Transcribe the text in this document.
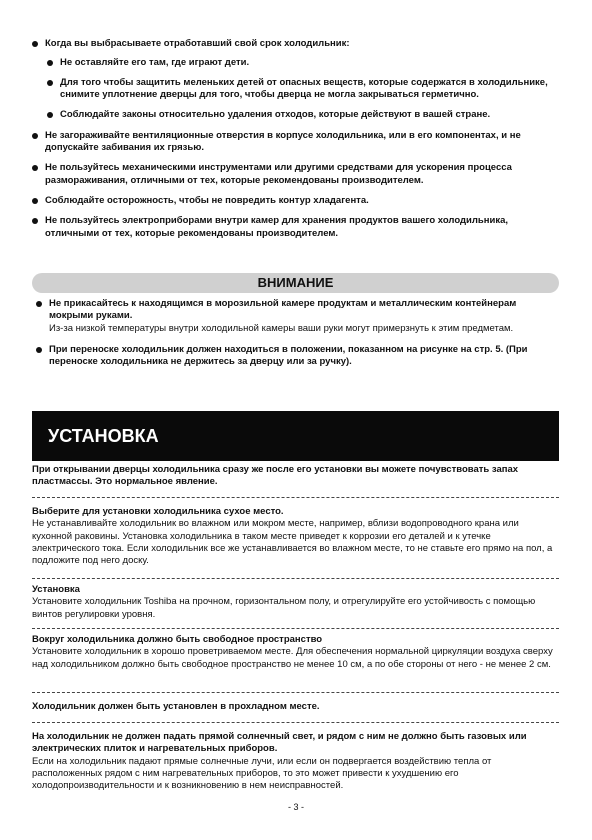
Когда вы выбрасываете отработавший свой срок холодильник:

Не оставляйте его там, где играют дети.

Для того чтобы защитить меленьких детей от опасных веществ, которые содержатся в холодильнике, снимите уплотнение дверцы для того, чтобы дверца не могла закрываться герметично.

Соблюдайте законы относительно удаления отходов, которые действуют в вашей стране.

Не загораживайте вентиляционные отверстия в корпусе холодильника, или в его компонентах, и не допускайте забивания их грязью.

Не пользуйтесь механическими инструментами или другими средствами для ускорения процесса размораживания, отличными от тех, которые рекомендованы производителем.

Соблюдайте осторожность, чтобы не повредить контур хладагента.

Не пользуйтесь электроприборами внутри камер для хранения продуктов вашего холодильника, отличными от тех, которые рекомендованы производителем.

ВНИМАНИЕ

Не прикасайтесь к находящимся в морозильной камере продуктам и металлическим контейнерам мокрыми руками.
Из-за низкой температуры внутри холодильной камеры ваши руки могут примерзнуть к этим предметам.

При переноске холодильник должен находиться в положении, показанном на рисунке на стр. 5. (При переноске холодильника не держитесь за дверцу или за ручку).

УСТАНОВКА
При открывании дверцы холодильника сразу же после его установки вы можете почувствовать запах пластмассы. Это нормальное явление.
Выберите для установки холодильника сухое место.
Не устанавливайте холодильник во влажном или мокром месте, например, вблизи водопроводного крана или кухонной раковины. Установка холодильника в таком месте приведет к коррозии его деталей и к утечке электрического тока. Если холодильник все же устанавливается во влажном месте, то не ставьте его прямо на пол, а подложите под него доску.
Установка
Установите холодильник Toshiba на прочном, горизонтальном полу, и отрегулируйте его устойчивость с помощью винтов регулировки уровня.
Вокруг холодильника должно быть свободное пространство
Установите холодильник в хорошо проветриваемом месте. Для обеспечения нормальной циркуляции воздуха сверху над холодильником должно быть свободное пространство не менее 10 см, а по обе стороны от него - не менее 2 см.
Холодильник должен быть установлен в прохладном месте.
На холодильник не должен падать прямой солнечный свет, и рядом с ним не должно быть газовых или электрических плиток и нагревательных приборов.
Если на холодильник падают прямые солнечные лучи, или если он подвергается воздействию тепла от расположенных рядом с ним нагревательных приборов, то это может привести к ухудшению его холодопроизводительности и к возникновению в нем неисправностей.
- 3 -
